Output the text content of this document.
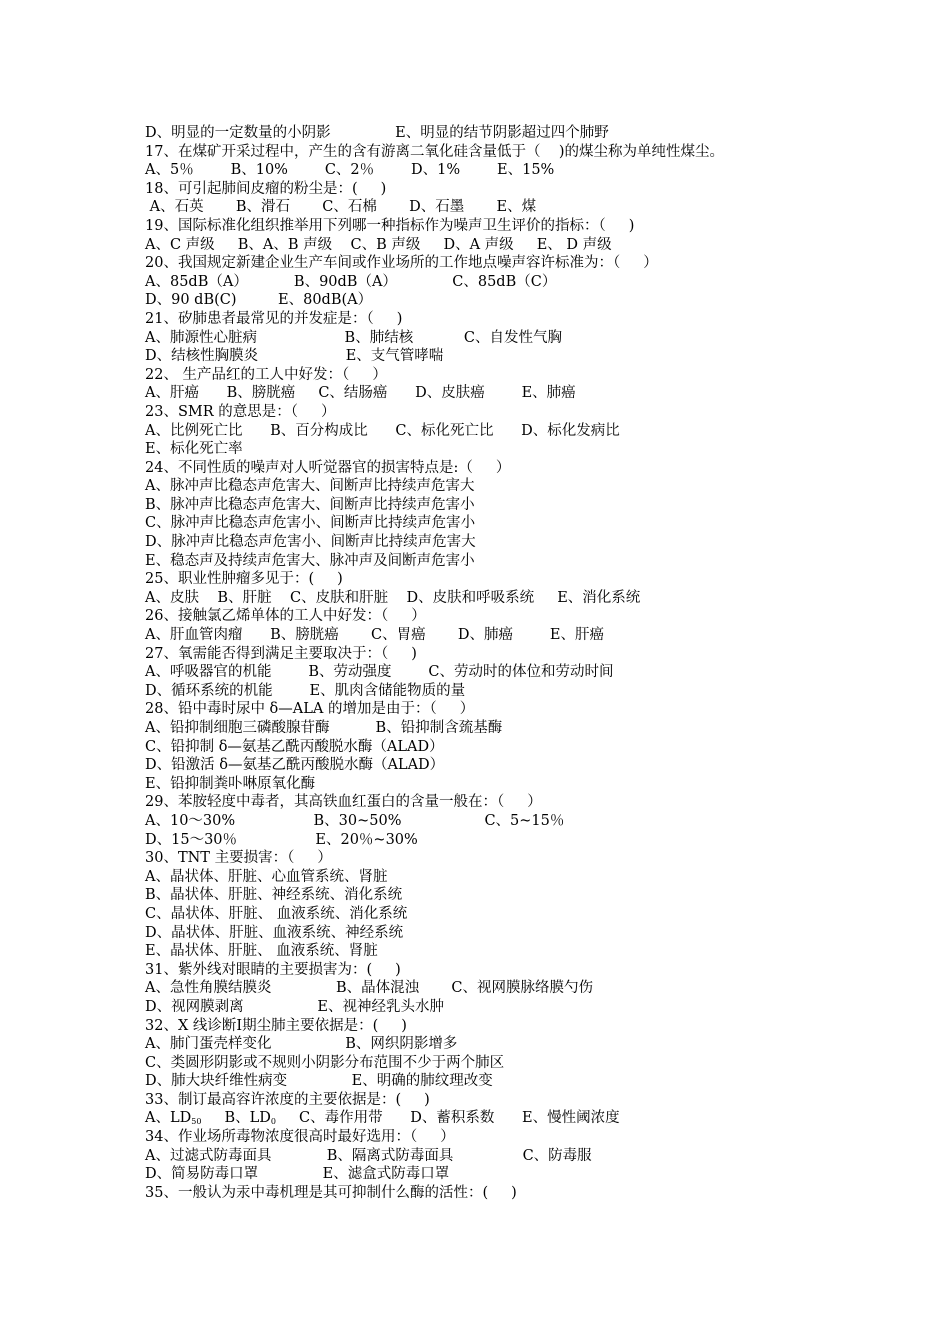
D、明显的一定数量的小阴影              E、明显的结节阴影超过四个肺野
17、在煤矿开采过程中，产生的含有游离二氧化硅含量低于（    )的煤尘称为单纯性煤尘。
A、5％        B、10%        C、2％        D、1%        E、15%
18、可引起肺间皮瘤的粉尘是：(     )
A、石英       B、滑石       C、石棉       D、石墨       E、煤
19、国际标准化组织推举用下列哪一种指标作为噪声卫生评价的指标：（     )
A、C 声级     B、A、B 声级    C、B 声级     D、A 声级     E、 D 声级
20、我国规定新建企业生产车间或作业场所的工作地点噪声容许标准为：（     ）
A、85dB（A）          B、90dB（A）            C、85dB（C）
D、90 dB(C)         E、80dB(A）
21、矽肺患者最常见的并发症是：（     )
A、肺源性心脏病                   B、肺结核           C、自发性气胸
D、结核性胸膜炎                   E、支气管哮喘
22、 生产品红的工人中好发：（     ）
A、肝癌      B、膀胱癌     C、结肠癌      D、皮肤癌        E、肺癌
23、SMR 的意思是：（     ）
A、比例死亡比      B、百分构成比      C、标化死亡比      D、标化发病比
E、标化死亡率
24、不同性质的噪声对人听觉器官的损害特点是:（     ）
A、脉冲声比稳态声危害大、间断声比持续声危害大
B、脉冲声比稳态声危害大、间断声比持续声危害小
C、脉冲声比稳态声危害小、间断声比持续声危害小
D、脉冲声比稳态声危害小、间断声比持续声危害大
E、稳态声及持续声危害大、脉冲声及间断声危害小
25、职业性肿瘤多见于：(     )
A、皮肤    B、肝脏    C、皮肤和肝脏    D、皮肤和呼吸系统     E、消化系统
26、接触氯乙烯单体的工人中好发：（     ）
A、肝血管肉瘤      B、膀胱癌       C、胃癌       D、肺癌        E、肝癌
27、氧需能否得到满足主要取决于：（     )
A、呼吸器官的机能        B、劳动强度        C、劳动时的体位和劳动时间
D、循环系统的机能        E、肌肉含储能物质的量
28、铅中毒时尿中 δ—ALA 的增加是由于：（     ）
A、铅抑制细胞三磷酸腺苷酶          B、铅抑制含巯基酶
C、铅抑制 δ—氨基乙酰丙酸脱水酶（ALAD）
D、铅激活 δ—氨基乙酰丙酸脱水酶（ALAD）
E、铅抑制粪卟啉原氧化酶
29、苯胺轻度中毒者，其高铁血红蛋白的含量一般在：（     ）
A、10～30%                 B、30~50%                  C、5~15％
D、15～30％                 E、20％~30%
30、TNT 主要损害：（     ）
A、晶状体、肝脏、心血管系统、肾脏
B、晶状体、肝脏、神经系统、消化系统
C、晶状体、肝脏、 血液系统、消化系统
D、晶状体、肝脏、血液系统、神经系统
E、晶状体、肝脏、 血液系统、肾脏
31、紫外线对眼睛的主要损害为：(     )
A、急性角膜结膜炎              B、晶体混浊       C、视网膜脉络膜勺伤
D、视网膜剥离                E、视神经乳头水肿
32、X 线诊断Ⅰ期尘肺主要依据是：(     )
A、肺门蛋壳样变化                B、网织阴影增多
C、类圆形阴影或不规则小阴影分布范围不少于两个肺区
D、肺大块纤维性病变              E、明确的肺纹理改变
33、制订最高容许浓度的主要依据是：(     )
A、$LD_{50}$     B、$LD_0$     C、毒作用带      D、蓄积系数      E、慢性阈浓度
34、作业场所毒物浓度很高时最好选用：（     ）
A、过滤式防毒面具            B、隔离式防毒面具               C、防毒服
D、简易防毒口罩              E、滤盒式防毒口罩
35、一般认为汞中毒机理是其可抑制什么酶的活性：(     )
